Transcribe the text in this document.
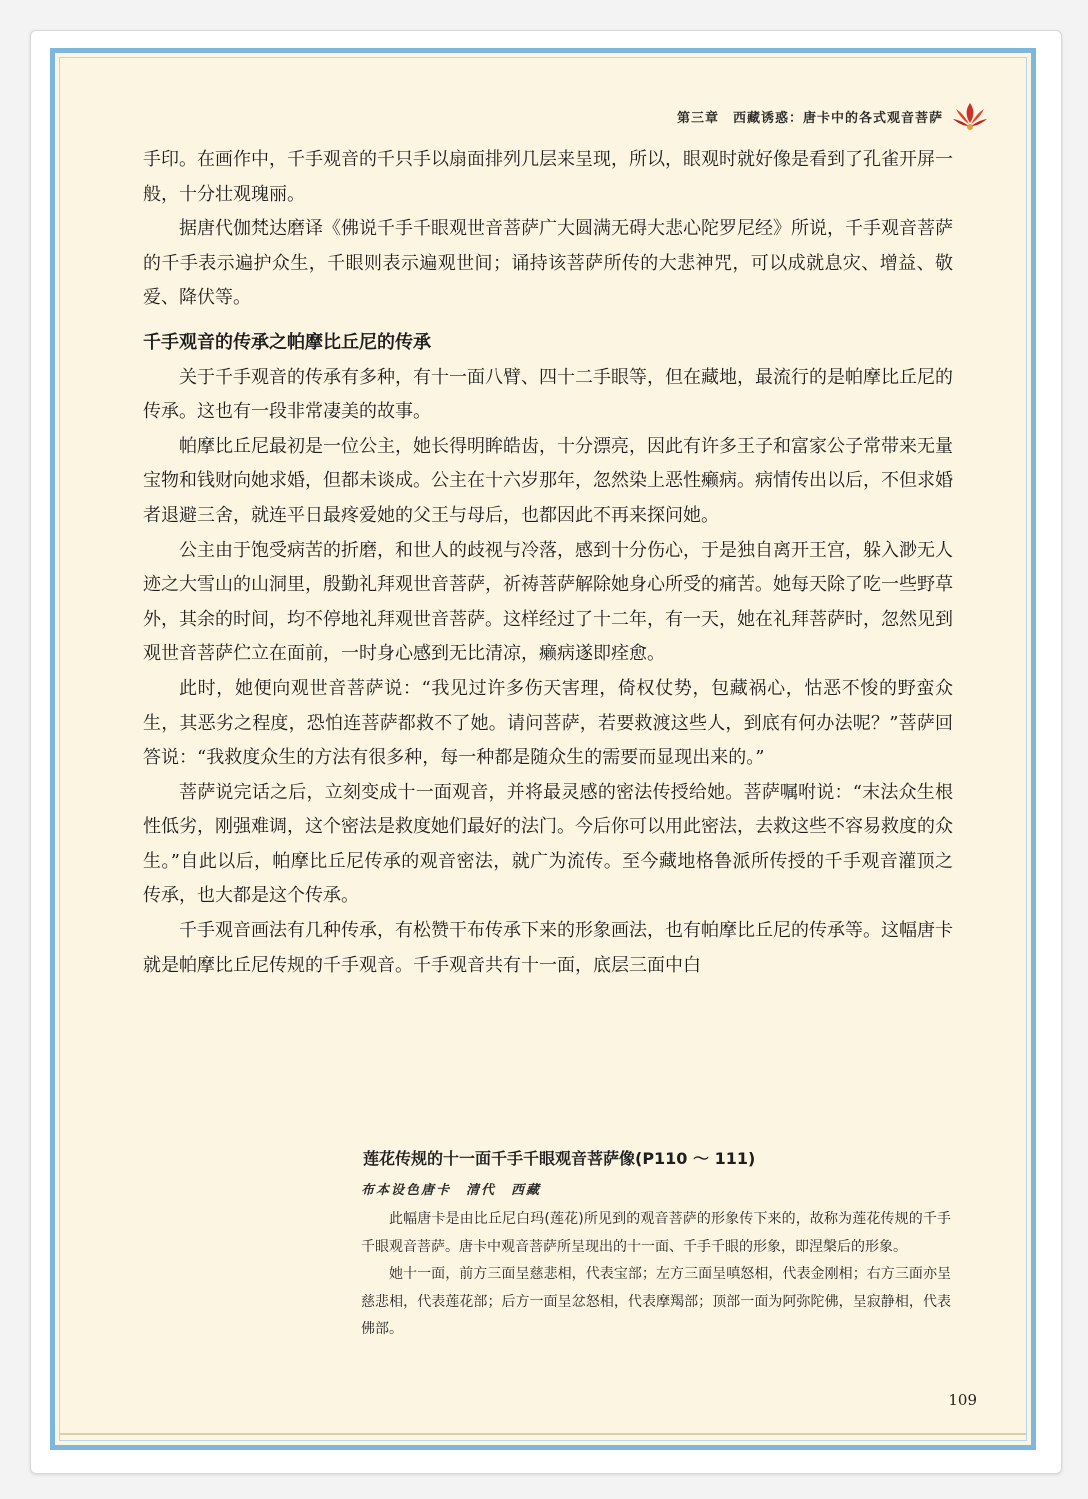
第三章　西藏诱惑：唐卡中的各式观音菩萨

手印。在画作中，千手观音的千只手以扇面排列几层来呈现，所以，眼观时就好像是看到了孔雀开屏一般，十分壮观瑰丽。

据唐代伽梵达磨译《佛说千手千眼观世音菩萨广大圆满无碍大悲心陀罗尼经》所说，千手观音菩萨的千手表示遍护众生，千眼则表示遍观世间；诵持该菩萨所传的大悲神咒，可以成就息灾、增益、敬爱、降伏等。

千手观音的传承之帕摩比丘尼的传承

关于千手观音的传承有多种，有十一面八臂、四十二手眼等，但在藏地，最流行的是帕摩比丘尼的传承。这也有一段非常凄美的故事。

帕摩比丘尼最初是一位公主，她长得明眸皓齿，十分漂亮，因此有许多王子和富家公子常带来无量宝物和钱财向她求婚，但都未谈成。公主在十六岁那年，忽然染上恶性癞病。病情传出以后，不但求婚者退避三舍，就连平日最疼爱她的父王与母后，也都因此不再来探问她。

公主由于饱受病苦的折磨，和世人的歧视与冷落，感到十分伤心，于是独自离开王宫，躲入渺无人迹之大雪山的山洞里，殷勤礼拜观世音菩萨，祈祷菩萨解除她身心所受的痛苦。她每天除了吃一些野草外，其余的时间，均不停地礼拜观世音菩萨。这样经过了十二年，有一天，她在礼拜菩萨时，忽然见到观世音菩萨伫立在面前，一时身心感到无比清凉，癞病遂即痊愈。

此时，她便向观世音菩萨说：“我见过许多伤天害理，倚权仗势，包藏祸心，怙恶不悛的野蛮众生，其恶劣之程度，恐怕连菩萨都救不了她。请问菩萨，若要救渡这些人，到底有何办法呢？”菩萨回答说：“我救度众生的方法有很多种，每一种都是随众生的需要而显现出来的。”

菩萨说完话之后，立刻变成十一面观音，并将最灵感的密法传授给她。菩萨嘱咐说：“末法众生根性低劣，刚强难调，这个密法是救度她们最好的法门。今后你可以用此密法，去救这些不容易救度的众生。”自此以后，帕摩比丘尼传承的观音密法，就广为流传。至今藏地格鲁派所传授的千手观音灌顶之传承，也大都是这个传承。

千手观音画法有几种传承，有松赞干布传承下来的形象画法，也有帕摩比丘尼的传承等。这幅唐卡就是帕摩比丘尼传规的千手观音。千手观音共有十一面，底层三面中白

莲花传规的十一面千手千眼观音菩萨像(P110 ～ 111)
布本设色唐卡　清代　西藏

此幅唐卡是由比丘尼白玛(莲花)所见到的观音菩萨的形象传下来的，故称为莲花传规的千手千眼观音菩萨。唐卡中观音菩萨所呈现出的十一面、千手千眼的形象，即涅槃后的形象。

她十一面，前方三面呈慈悲相，代表宝部；左方三面呈嗔怒相，代表金刚相；右方三面亦呈慈悲相，代表莲花部；后方一面呈忿怒相，代表摩羯部；顶部一面为阿弥陀佛，呈寂静相，代表佛部。

109
